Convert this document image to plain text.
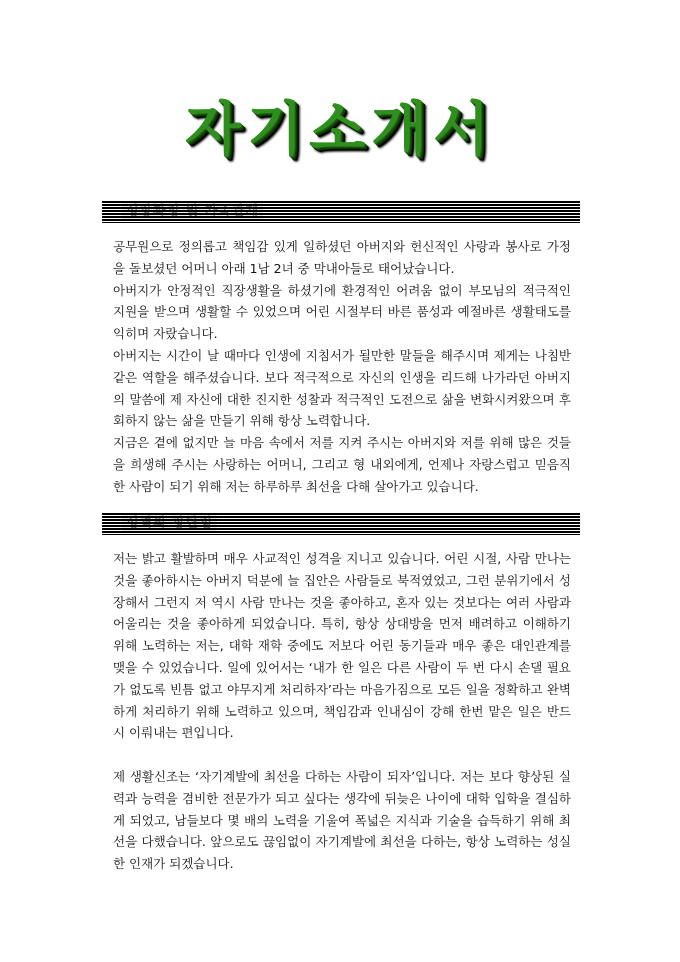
자기소개서
성장과정 및 가족관계

공무원으로 정의롭고 책임감 있게 일하셨던 아버지와 헌신적인 사랑과 봉사로 가정을 돌보셨던 어머니 아래 1남 2녀 중 막내아들로 태어났습니다.

아버지가 안정적인 직장생활을 하셨기에 환경적인 어려움 없이 부모님의 적극적인 지원을 받으며 생활할 수 있었으며 어린 시절부터 바른 품성과 예절바른 생활태도를 익히며 자랐습니다.

아버지는 시간이 날 때마다 인생에 지침서가 될만한 말들을 해주시며 제게는 나침반 같은 역할을 해주셨습니다. 보다 적극적으로 자신의 인생을 리드해 나가라던 아버지의 말씀에 제 자신에 대한 진지한 성찰과 적극적인 도전으로 삶을 변화시켜왔으며 후회하지 않는 삶을 만들기 위해 항상 노력합니다.

지금은 곁에 없지만 늘 마음 속에서 저를 지켜 주시는 아버지와 저를 위해 많은 것들을 희생해 주시는 사랑하는 어머니, 그리고 형 내외에게, 언제나 자랑스럽고 믿음직한 사람이 되기 위해 저는 하루하루 최선을 다해 살아가고 있습니다.

성격의 장단점

저는 밝고 활발하며 매우 사교적인 성격을 지니고 있습니다. 어린 시절, 사람 만나는 것을 좋아하시는 아버지 덕분에 늘 집안은 사람들로 북적였었고, 그런 분위기에서 성장해서 그런지 저 역시 사람 만나는 것을 좋아하고, 혼자 있는 것보다는 여러 사람과 어울리는 것을 좋아하게 되었습니다. 특히, 항상 상대방을 먼저 배려하고 이해하기 위해 노력하는 저는, 대학 재학 중에도 저보다 어린 동기들과 매우 좋은 대인관계를 맺을 수 있었습니다. 일에 있어서는 ‘내가 한 일은 다른 사람이 두 번 다시 손댈 필요가 없도록 빈틈 없고 야무지게 처리하자’라는 마음가짐으로 모든 일을 정확하고 완벽하게 처리하기 위해 노력하고 있으며, 책임감과 인내심이 강해 한번 맡은 일은 반드시 이뤄내는 편입니다.

제 생활신조는 ‘자기계발에 최선을 다하는 사람이 되자’입니다. 저는 보다 향상된 실력과 능력을 겸비한 전문가가 되고 싶다는 생각에 뒤늦은 나이에 대학 입학을 결심하게 되었고, 남들보다 몇 배의 노력을 기울여 폭넓은 지식과 기술을 습득하기 위해 최선을 다했습니다. 앞으로도 끊임없이 자기계발에 최선을 다하는, 항상 노력하는 성실한 인재가 되겠습니다.
